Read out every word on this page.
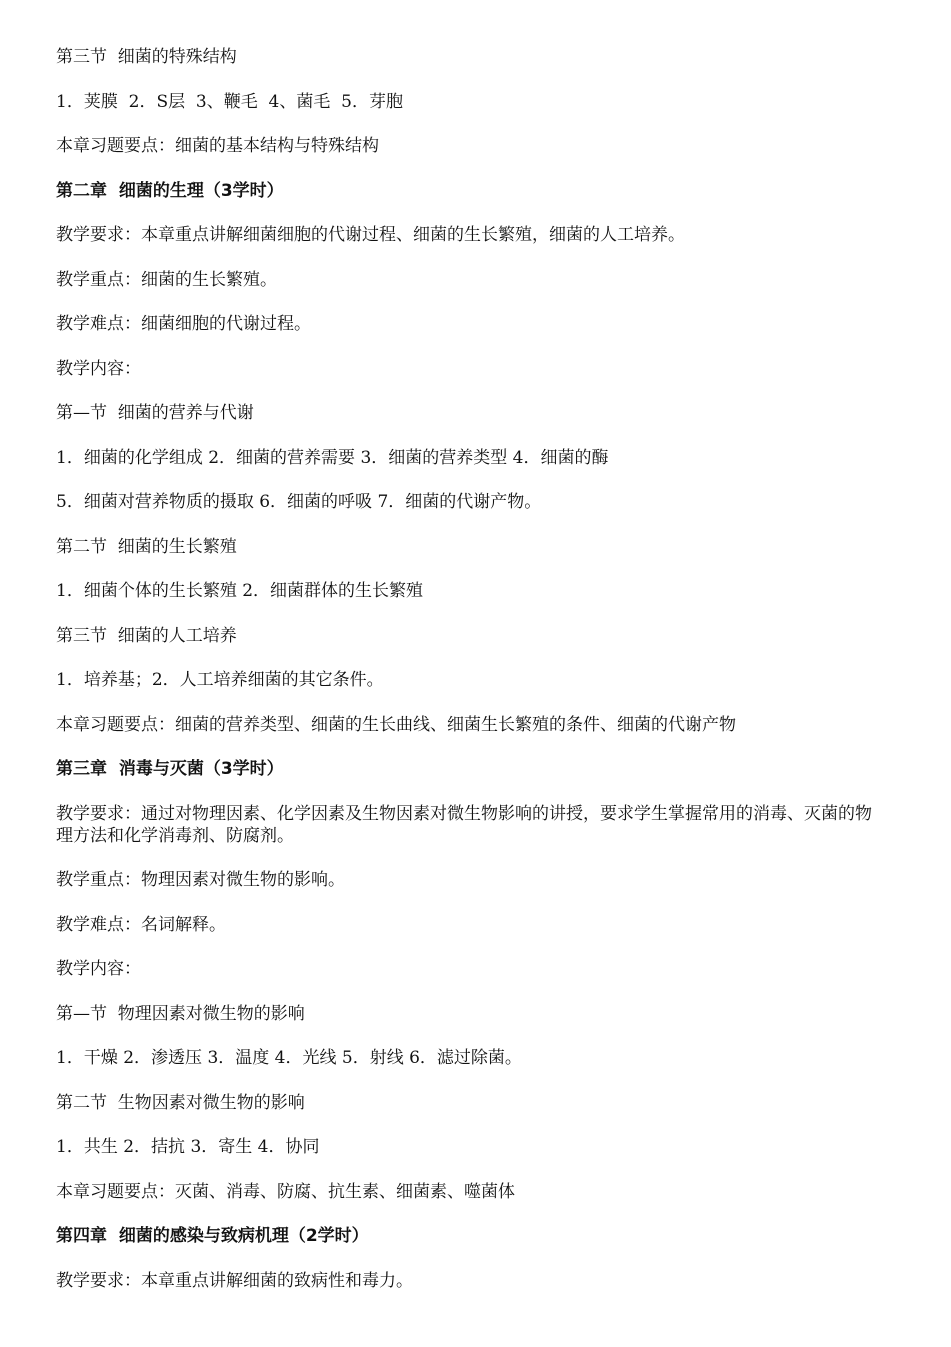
第三节  细菌的特殊结构

1．荚膜  2．S层  3、鞭毛  4、菌毛  5．芽胞

本章习题要点：细菌的基本结构与特殊结构

第二章  细菌的生理（3学时）

教学要求：本章重点讲解细菌细胞的代谢过程、细菌的生长繁殖，细菌的人工培养。

教学重点：细菌的生长繁殖。

教学难点：细菌细胞的代谢过程。

教学内容：

第—节  细菌的营养与代谢

1．细菌的化学组成 2．细菌的营养需要 3．细菌的营养类型 4．细菌的酶

5．细菌对营养物质的摄取 6．细菌的呼吸 7．细菌的代谢产物。

第二节  细菌的生长繁殖

1．细菌个体的生长繁殖 2．细菌群体的生长繁殖

第三节  细菌的人工培养

1．培养基；2．人工培养细菌的其它条件。

本章习题要点：细菌的营养类型、细菌的生长曲线、细菌生长繁殖的条件、细菌的代谢产物

第三章  消毒与灭菌（3学时）

教学要求：通过对物理因素、化学因素及生物因素对微生物影响的讲授，要求学生掌握常用的消毒、灭菌的物理方法和化学消毒剂、防腐剂。

教学重点：物理因素对微生物的影响。

教学难点：名词解释。

教学内容：

第—节  物理因素对微生物的影响

1．干燥 2．渗透压 3．温度 4．光线 5．射线 6．滤过除菌。

第二节  生物因素对微生物的影响

1．共生 2．拮抗 3．寄生 4．协同

本章习题要点：灭菌、消毒、防腐、抗生素、细菌素、噬菌体

第四章  细菌的感染与致病机理（2学时）

教学要求：本章重点讲解细菌的致病性和毒力。
